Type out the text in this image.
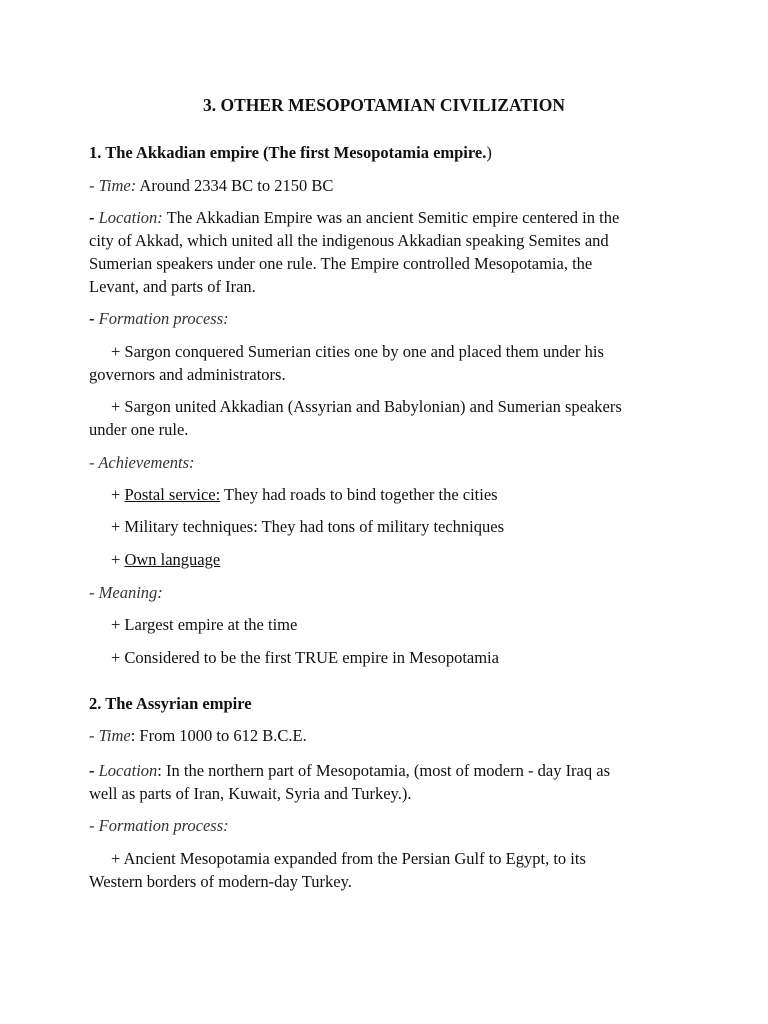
3. OTHER MESOPOTAMIAN CIVILIZATION
1. The Akkadian empire (The first Mesopotamia empire.)
- Time: Around 2334 BC to 2150 BC
- Location: The Akkadian Empire was an ancient Semitic empire centered in the
city of Akkad, which united all the indigenous Akkadian speaking Semites and
Sumerian speakers under one rule. The Empire controlled Mesopotamia, the
Levant, and parts of Iran.
- Formation process:
+ Sargon conquered Sumerian cities one by one and placed them under his
governors and administrators.
+ Sargon united Akkadian (Assyrian and Babylonian) and Sumerian speakers
under one rule.
- Achievements:
+ Postal service: They had roads to bind together the cities
+ Military techniques: They had tons of military techniques
+ Own language
- Meaning:
+ Largest empire at the time
+ Considered to be the first TRUE empire in Mesopotamia
2. The Assyrian empire
- Time: From 1000 to 612 B.C.E.
- Location: In the northern part of Mesopotamia, (most of modern - day Iraq as
well as parts of Iran, Kuwait, Syria and Turkey.).
- Formation process:
+ Ancient Mesopotamia expanded from the Persian Gulf to Egypt, to its
Western borders of modern-day Turkey.
